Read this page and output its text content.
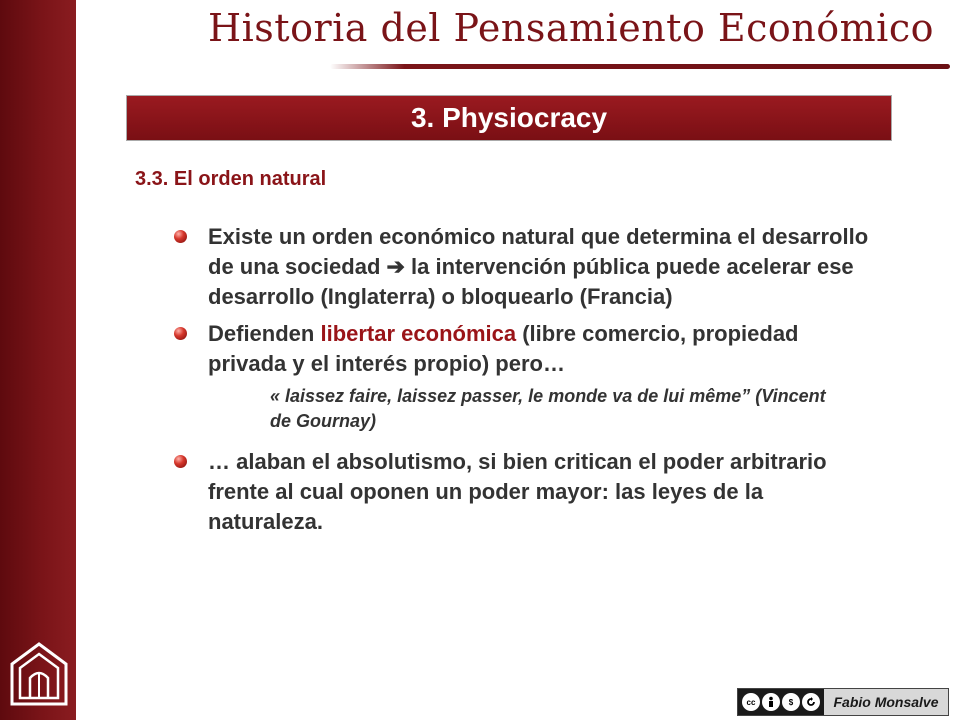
Historia del Pensamiento Económico
3. Physiocracy
3.3. El orden natural
Existe un orden económico natural que determina el desarrollo de una sociedad ➔ la intervención pública puede acelerar ese desarrollo (Inglaterra) o bloquearlo (Francia)
Defienden libertar económica (libre comercio, propiedad privada y el interés propio) pero…
« laissez faire, laissez passer, le monde va de lui même” (Vincent de Gournay)
… alaban el absolutismo, si bien critican el poder arbitrario frente al cual oponen un poder mayor: las leyes de la naturaleza.
cc	$	Fabio Monsalve
